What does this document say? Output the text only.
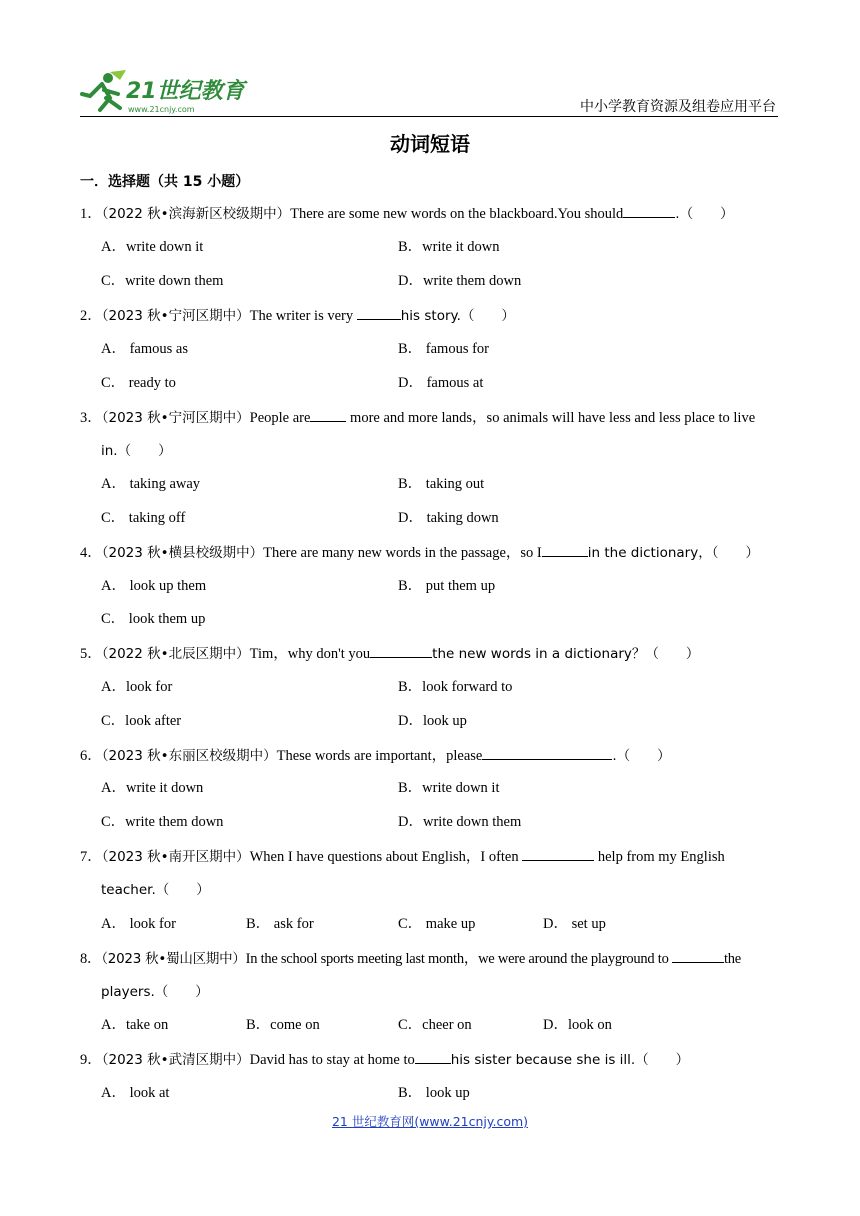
21世纪教育
www.21cnjy.com	中小学教育资源及组卷应用平台
动词短语
一．选择题（共 15 小题）
1．（2022 秋•滨海新区校级期中）There are some new words on the blackboard.You should	.（　　）
A．write down it	B．write it down
C．write down them	D．write them down
2．（2023 秋•宁河区期中）The writer is very	his story.（　　）
A． famous as	B． famous for
C． ready to	D． famous at
3．（2023 秋•宁河区期中）People are more and more lands，so animals will have less and less place to live
in.（　　）
A． taking away	B． taking out
C． taking off	D． taking down
4．（2023 秋•横县校级期中）There are many new words in the passage，so I	in the dictionary，（　　）
A． look up them	B． put them up
C． look them up
5．（2022 秋•北辰区期中）Tim，why don't you	the new words in a dictionary？（　　）
A．look for	B．look forward to
C．look after	D．look up
6．（2023 秋•东丽区校级期中）These words are important，please	.（　　）
A．write it down	B．write down it
C．write them down	D．write down them
7．（2023 秋•南开区期中）When I have questions about English，I often	help from my English
teacher.（　　）
A． look for	B． ask for	C． make up	D． set up
8．（2023 秋•蜀山区期中）In the school sports meeting last month，we were around the playground to	the
players.（　　）
A．take on	B．come on	C．cheer on	D．look on
9．（2023 秋•武清区期中）David has to stay at home to	his sister because she is ill.（　　）
A． look at	B． look up
21 世纪教育网(www.21cnjy.com)
